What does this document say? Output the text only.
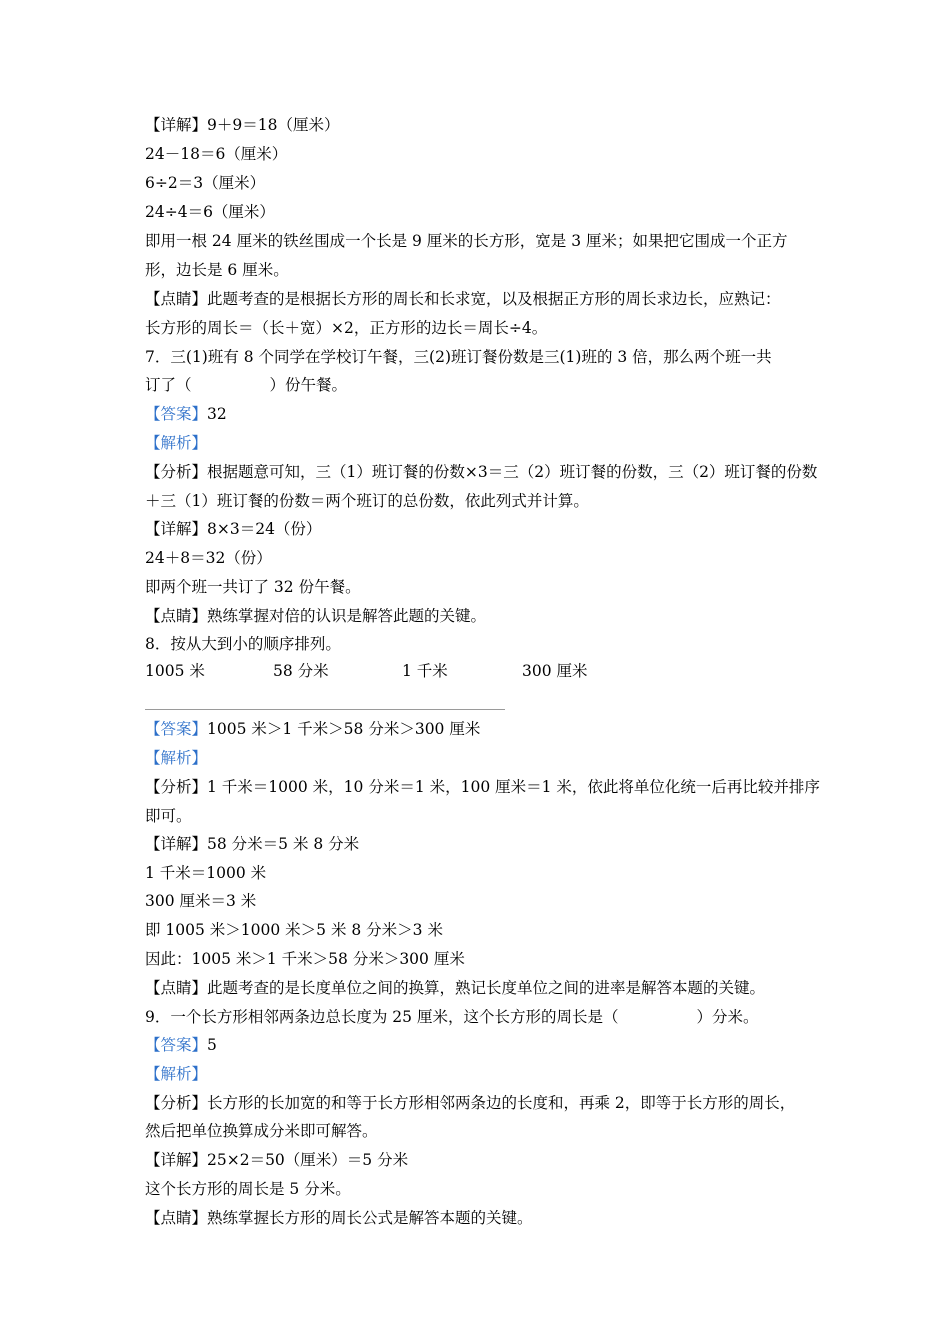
【详解】9＋9＝18（厘米）
24－18＝6（厘米）
6÷2＝3（厘米）
24÷4＝6（厘米）
即用一根 24 厘米的铁丝围成一个长是 9 厘米的长方形，宽是 3 厘米；如果把它围成一个正方
形，边长是 6 厘米。
【点睛】此题考查的是根据长方形的周长和长求宽，以及根据正方形的周长求边长，应熟记：
长方形的周长＝（长＋宽）×2，正方形的边长＝周长÷4。
7．三(1)班有 8 个同学在学校订午餐，三(2)班订餐份数是三(1)班的 3 倍，那么两个班一共
订了（	）份午餐。
【答案】32
【解析】
【分析】根据题意可知，三（1）班订餐的份数×3＝三（2）班订餐的份数，三（2）班订餐的份数
＋三（1）班订餐的份数＝两个班订的总份数，依此列式并计算。
【详解】8×3＝24（份）
24＋8＝32（份）
即两个班一共订了 32 份午餐。
【点睛】熟练掌握对倍的认识是解答此题的关键。
8．按从大到小的顺序排列。
1005 米	58 分米	1 千米	300 厘米
【答案】1005 米＞1 千米＞58 分米＞300 厘米
【解析】
【分析】1 千米＝1000 米，10 分米＝1 米，100 厘米＝1 米，依此将单位化统一后再比较并排序
即可。
【详解】58 分米＝5 米 8 分米
1 千米＝1000 米
300 厘米＝3 米
即 1005 米＞1000 米＞5 米 8 分米＞3 米
因此：1005 米＞1 千米＞58 分米＞300 厘米
【点睛】此题考查的是长度单位之间的换算，熟记长度单位之间的进率是解答本题的关键。
9．一个长方形相邻两条边总长度为 25 厘米，这个长方形的周长是（	）分米。
【答案】5
【解析】
【分析】长方形的长加宽的和等于长方形相邻两条边的长度和，再乘 2，即等于长方形的周长，
然后把单位换算成分米即可解答。
【详解】25×2＝50（厘米）＝5 分米
这个长方形的周长是 5 分米。
【点睛】熟练掌握长方形的周长公式是解答本题的关键。
